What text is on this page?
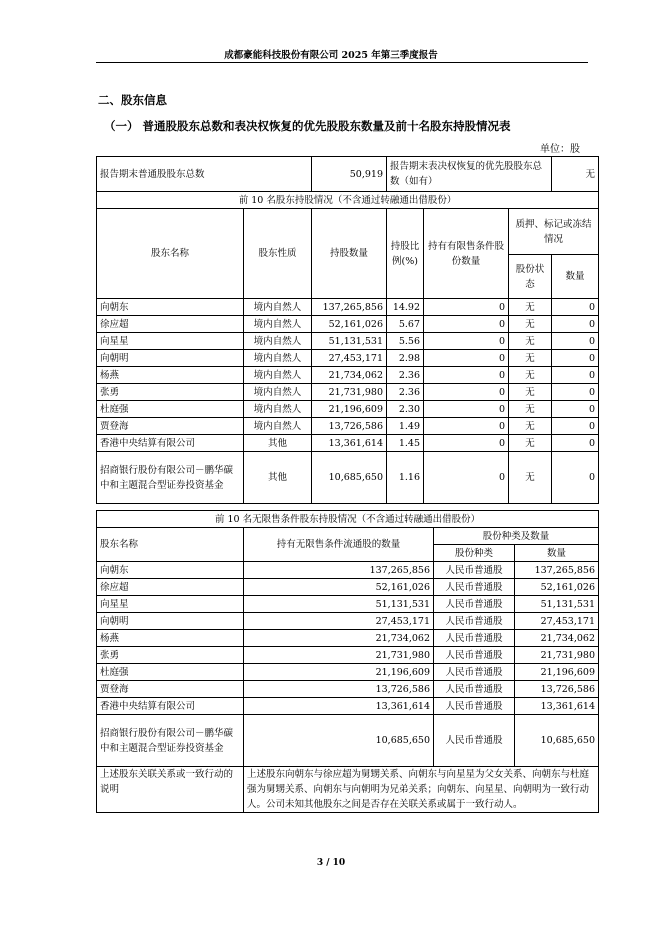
成都豪能科技股份有限公司 2025 年第三季度报告
二、股东信息
（一） 普通股股东总数和表决权恢复的优先股股东数量及前十名股东持股情况表
单位：股
报告期末普通股股东总数		50,919	报告期末表决权恢复的优先股股东总数（如有）			无
前 10 名股东持股情况（不含通过转融通出借股份）						
股东名称	股东性质	持股数量	持股比例(%)	持有有限售条件股份数量	质押、标记或冻结情况	
					股份状态	数量
向朝东	境内自然人	137,265,856	14.92	0	无	0
徐应超	境内自然人	52,161,026	5.67	0	无	0
向星星	境内自然人	51,131,531	5.56	0	无	0
向朝明	境内自然人	27,453,171	2.98	0	无	0
杨燕	境内自然人	21,734,062	2.36	0	无	0
张勇	境内自然人	21,731,980	2.36	0	无	0
杜庭强	境内自然人	21,196,609	2.30	0	无	0
贾登海	境内自然人	13,726,586	1.49	0	无	0
香港中央结算有限公司	其他	13,361,614	1.45	0	无	0
招商银行股份有限公司－鹏华碳中和主题混合型证券投资基金	其他	10,685,650	1.16	0	无	0
前 10 名无限售条件股东持股情况（不含通过转融通出借股份）			
股东名称	持有无限售条件流通股的数量	股份种类及数量	
		股份种类	数量
向朝东	137,265,856	人民币普通股	137,265,856
徐应超	52,161,026	人民币普通股	52,161,026
向星星	51,131,531	人民币普通股	51,131,531
向朝明	27,453,171	人民币普通股	27,453,171
杨燕	21,734,062	人民币普通股	21,734,062
张勇	21,731,980	人民币普通股	21,731,980
杜庭强	21,196,609	人民币普通股	21,196,609
贾登海	13,726,586	人民币普通股	13,726,586
香港中央结算有限公司	13,361,614	人民币普通股	13,361,614
招商银行股份有限公司－鹏华碳中和主题混合型证券投资基金	10,685,650	人民币普通股	10,685,650
上述股东关联关系或一致行动的说明	上述股东向朝东与徐应超为舅甥关系、向朝东与向星星为父女关系、向朝东与杜庭强为舅甥关系、向朝东与向朝明为兄弟关系；向朝东、向星星、向朝明为一致行动人。公司未知其他股东之间是否存在关联关系或属于一致行动人。		
3 / 10
